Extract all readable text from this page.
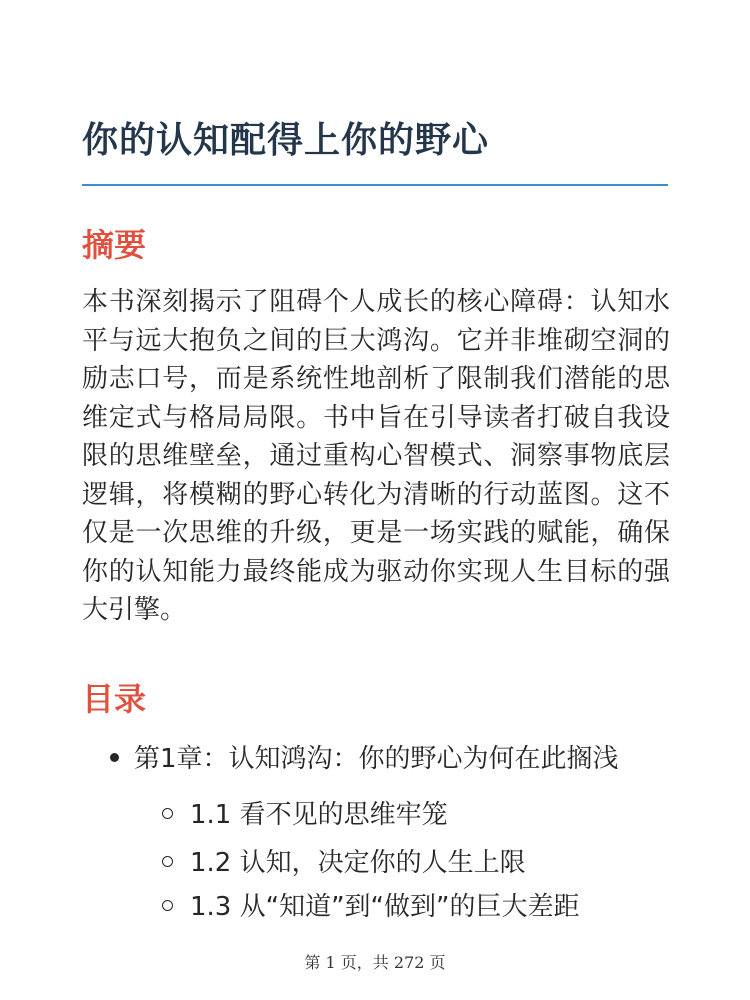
你的认知配得上你的野心
摘要

本书深刻揭示了阻碍个人成长的核心障碍：认知水平与远大抱负之间的巨大鸿沟。它并非堆砌空洞的励志口号，而是系统性地剖析了限制我们潜能的思维定式与格局局限。书中旨在引导读者打破自我设限的思维壁垒，通过重构心智模式、洞察事物底层逻辑，将模糊的野心转化为清晰的行动蓝图。这不仅是一次思维的升级，更是一场实践的赋能，确保你的认知能力最终能成为驱动你实现人生目标的强大引擎。

目录
第1章：认知鸿沟：你的野心为何在此搁浅
1.1 看不见的思维牢笼
1.2 认知，决定你的人生上限
1.3 从“知道”到“做到”的巨大差距
第 1 页，共 272 页
